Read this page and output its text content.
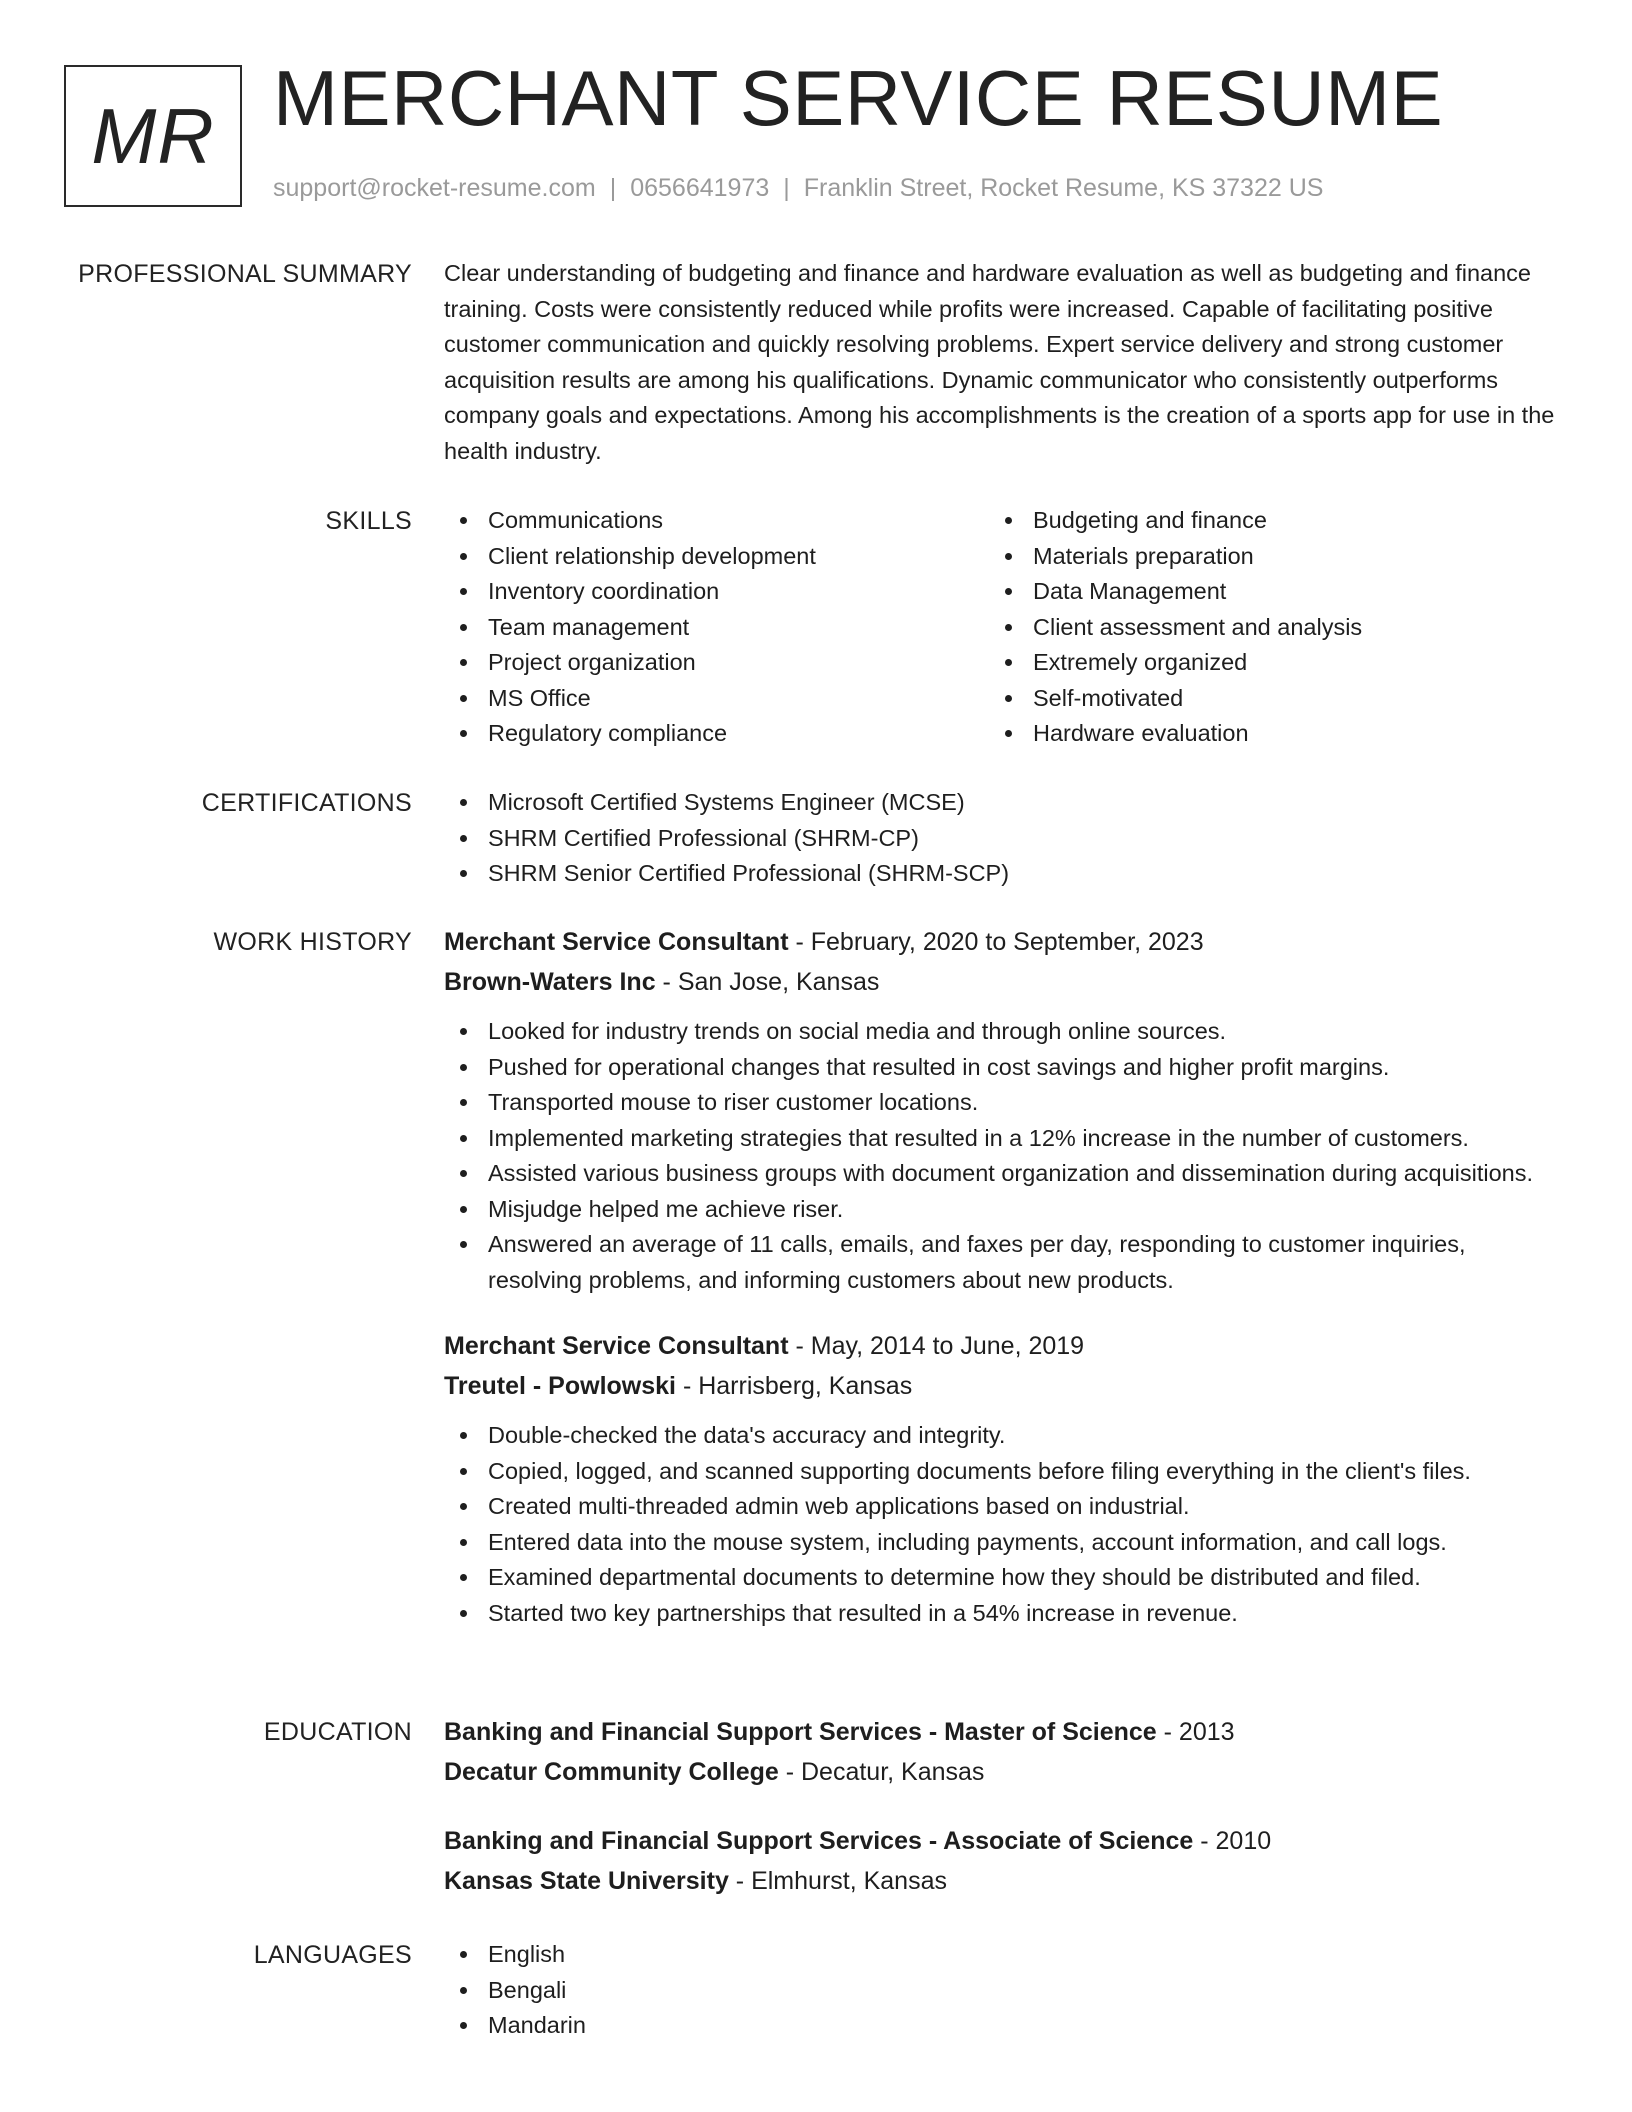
MR MERCHANT SERVICE RESUME
support@rocket-resume.com | 0656641973 | Franklin Street, Rocket Resume, KS 37322 US
PROFESSIONAL SUMMARY Clear understanding of budgeting and finance and hardware evaluation as well as budgeting and finance training. Costs were consistently reduced while profits were increased. Capable of facilitating positive customer communication and quickly resolving problems. Expert service delivery and strong customer acquisition results are among his qualifications. Dynamic communicator who consistently outperforms company goals and expectations. Among his accomplishments is the creation of a sports app for use in the health industry.

SKILLS	Communications
Client relationship development
Inventory coordination
Team management
Project organization
MS Office
Regulatory compliance
Budgeting and finance
Materials preparation
Data Management
Client assessment and analysis
Extremely organized
Self-motivated
Hardware evaluation
CERTIFICATIONS	Microsoft Certified Systems Engineer (MCSE)
SHRM Certified Professional (SHRM-CP)
SHRM Senior Certified Professional (SHRM-SCP)
WORK HISTORY Merchant Service Consultant - February, 2020 to September, 2023
Brown-Waters Inc - San Jose, Kansas
Looked for industry trends on social media and through online sources.
Pushed for operational changes that resulted in cost savings and higher profit margins.
Transported mouse to riser customer locations.
Implemented marketing strategies that resulted in a 12% increase in the number of customers.
Assisted various business groups with document organization and dissemination during acquisitions.
Misjudge helped me achieve riser.
Answered an average of 11 calls, emails, and faxes per day, responding to customer inquiries, resolving problems, and informing customers about new products.
Merchant Service Consultant - May, 2014 to June, 2019
Treutel - Powlowski - Harrisberg, Kansas
Double-checked the data's accuracy and integrity.
Copied, logged, and scanned supporting documents before filing everything in the client's files.
Created multi-threaded admin web applications based on industrial.
Entered data into the mouse system, including payments, account information, and call logs.
Examined departmental documents to determine how they should be distributed and filed.
Started two key partnerships that resulted in a 54% increase in revenue.
EDUCATION Banking and Financial Support Services - Master of Science - 2013
Decatur Community College - Decatur, Kansas
Banking and Financial Support Services - Associate of Science - 2010
Kansas State University - Elmhurst, Kansas
LANGUAGES	English
Bengali
Mandarin
